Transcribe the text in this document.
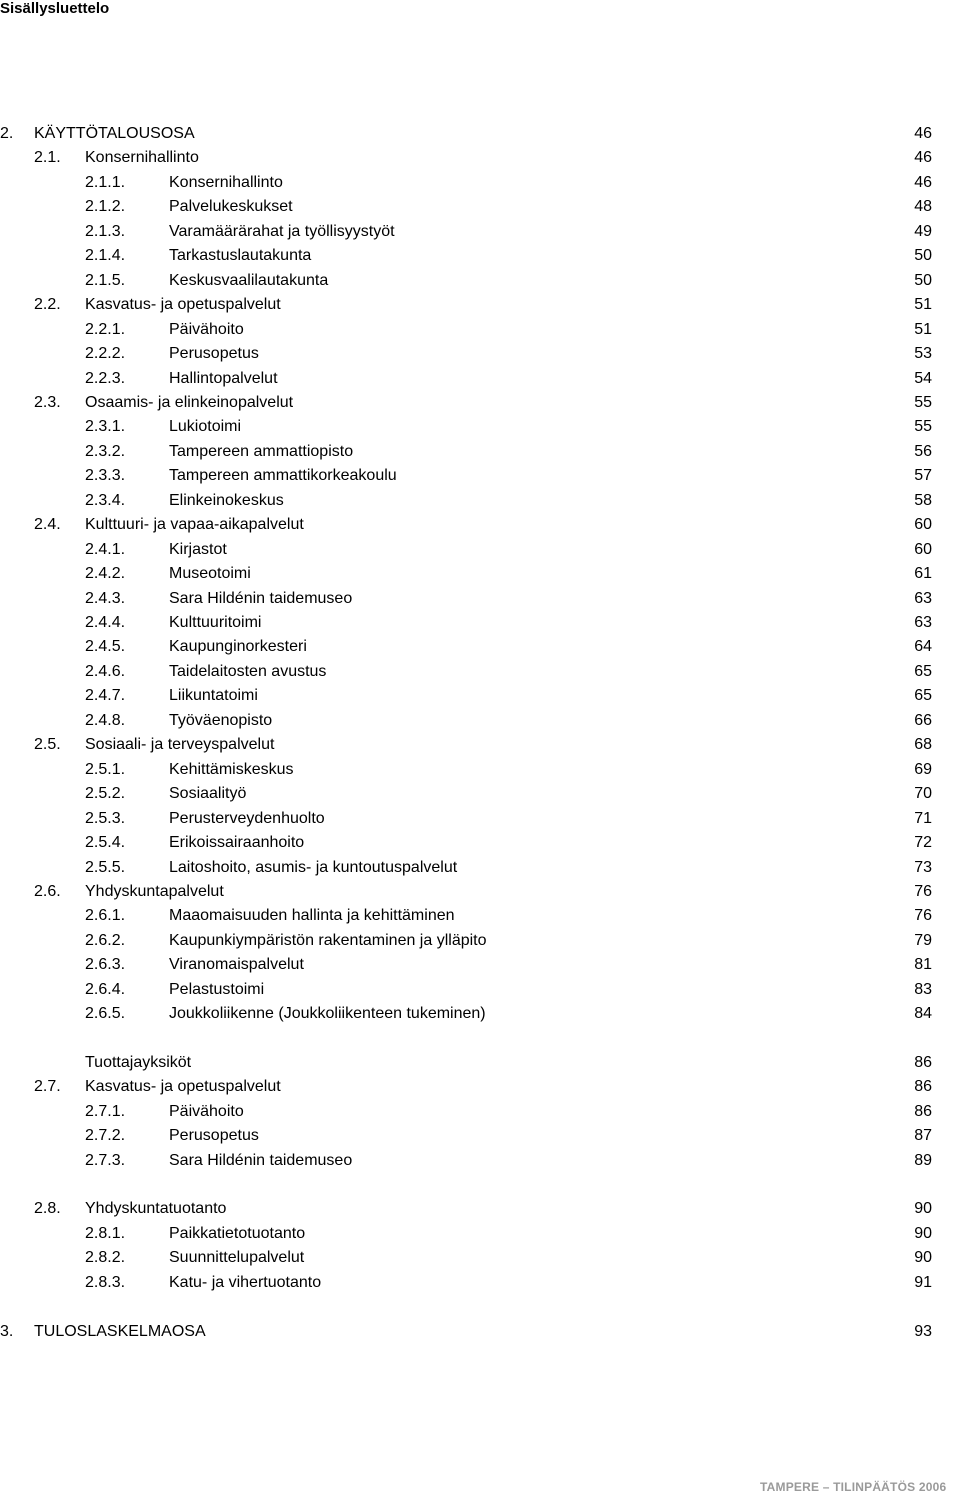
Sisällysluettelo
2. KÄYTTÖTALOUSOSA	46
2.1. Konsernihallinto	46
2.1.1.	Konsernihallinto	46
2.1.2.	Palvelukeskukset	48
2.1.3.	Varamäärärahat ja työllisyystyöt	49
2.1.4.	Tarkastuslautakunta	50
2.1.5.	Keskusvaalilautakunta	50
2.2. Kasvatus- ja opetuspalvelut	51
2.2.1.	Päivähoito	51
2.2.2.	Perusopetus	53
2.2.3.	Hallintopalvelut	54
2.3. Osaamis- ja elinkeinopalvelut	55
2.3.1.	Lukiotoimi	55
2.3.2.	Tampereen ammattiopisto	56
2.3.3.	Tampereen ammattikorkeakoulu	57
2.3.4.	Elinkeinokeskus	58
2.4. Kulttuuri- ja vapaa-aikapalvelut	60
2.4.1.	Kirjastot	60
2.4.2.	Museotoimi	61
2.4.3.	Sara Hildénin taidemuseo	63
2.4.4.	Kulttuuritoimi	63
2.4.5.	Kaupunginorkesteri	64
2.4.6.	Taidelaitosten avustus	65
2.4.7.	Liikuntatoimi	65
2.4.8.	Työväenopisto	66
2.5. Sosiaali- ja terveyspalvelut	68
2.5.1.	Kehittämiskeskus	69
2.5.2.	Sosiaalityö	70
2.5.3.	Perusterveydenhuolto	71
2.5.4.	Erikoissairaanhoito	72
2.5.5.	Laitoshoito, asumis- ja kuntoutuspalvelut	73
2.6. Yhdyskuntapalvelut	76
2.6.1.	Maaomaisuuden hallinta ja kehittäminen	76
2.6.2.	Kaupunkiympäristön rakentaminen ja ylläpito	79
2.6.3.	Viranomaispalvelut	81
2.6.4.	Pelastustoimi	83
2.6.5.	Joukkoliikenne (Joukkoliikenteen tukeminen)	84
Tuottajayksiköt	86
2.7. Kasvatus- ja opetuspalvelut	86
2.7.1.	Päivähoito	86
2.7.2.	Perusopetus	87
2.7.3.	Sara Hildénin taidemuseo	89
2.8. Yhdyskuntatuotanto	90
2.8.1.	Paikkatietotuotanto	90
2.8.2.	Suunnittelupalvelut	90
2.8.3.	Katu- ja vihertuotanto	91
3. TULOSLASKELMAOSA	93
TAMPERE – TILINPÄÄTÖS 2006
